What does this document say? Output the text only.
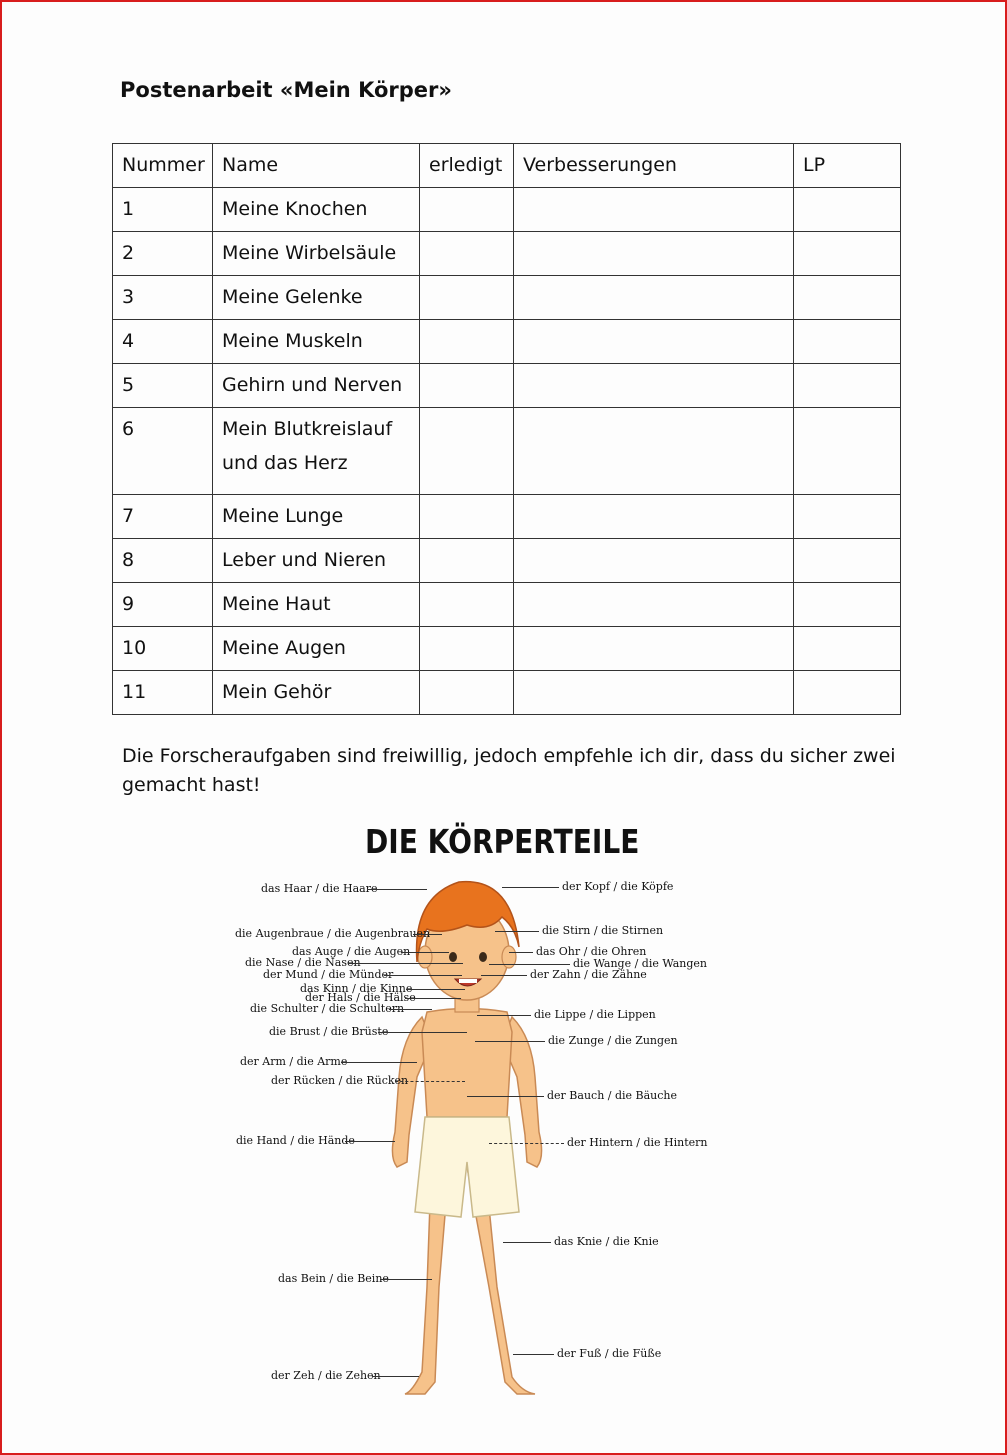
Postenarbeit «Mein Körper»
Nummer	Name	erledigt	Verbesserungen	LP
1	Meine Knochen			
2	Meine Wirbelsäule			
3	Meine Gelenke			
4	Meine Muskeln			
5	Gehirn und Nerven			
6	Mein Blutkreislauf
und das Herz			
7	Meine Lunge			
8	Leber und Nieren			
9	Meine Haut			
10	Meine Augen			
11	Mein Gehör			
Die Forscheraufgaben sind freiwillig, jedoch empfehle ich dir, dass du sicher zwei gemacht hast!
DIE KÖRPERTEILE
das Haar / die Haare
die Augenbraue / die Augenbrauen
das Auge / die Augen
die Nase / die Nasen
der Mund / die Münder
das Kinn / die Kinne
der Hals / die Hälse
die Schulter / die Schultern
die Brust / die Brüste
der Arm / die Arme
der Rücken / die Rücken
die Hand / die Hände
das Bein / die Beine
der Zeh / die Zehen
der Kopf / die Köpfe
die Stirn / die Stirnen
das Ohr / die Ohren
die Wange / die Wangen
der Zahn / die Zähne
die Lippe / die Lippen
die Zunge / die Zungen
der Bauch / die Bäuche
der Hintern / die Hintern
das Knie / die Knie
der Fuß / die Füße
